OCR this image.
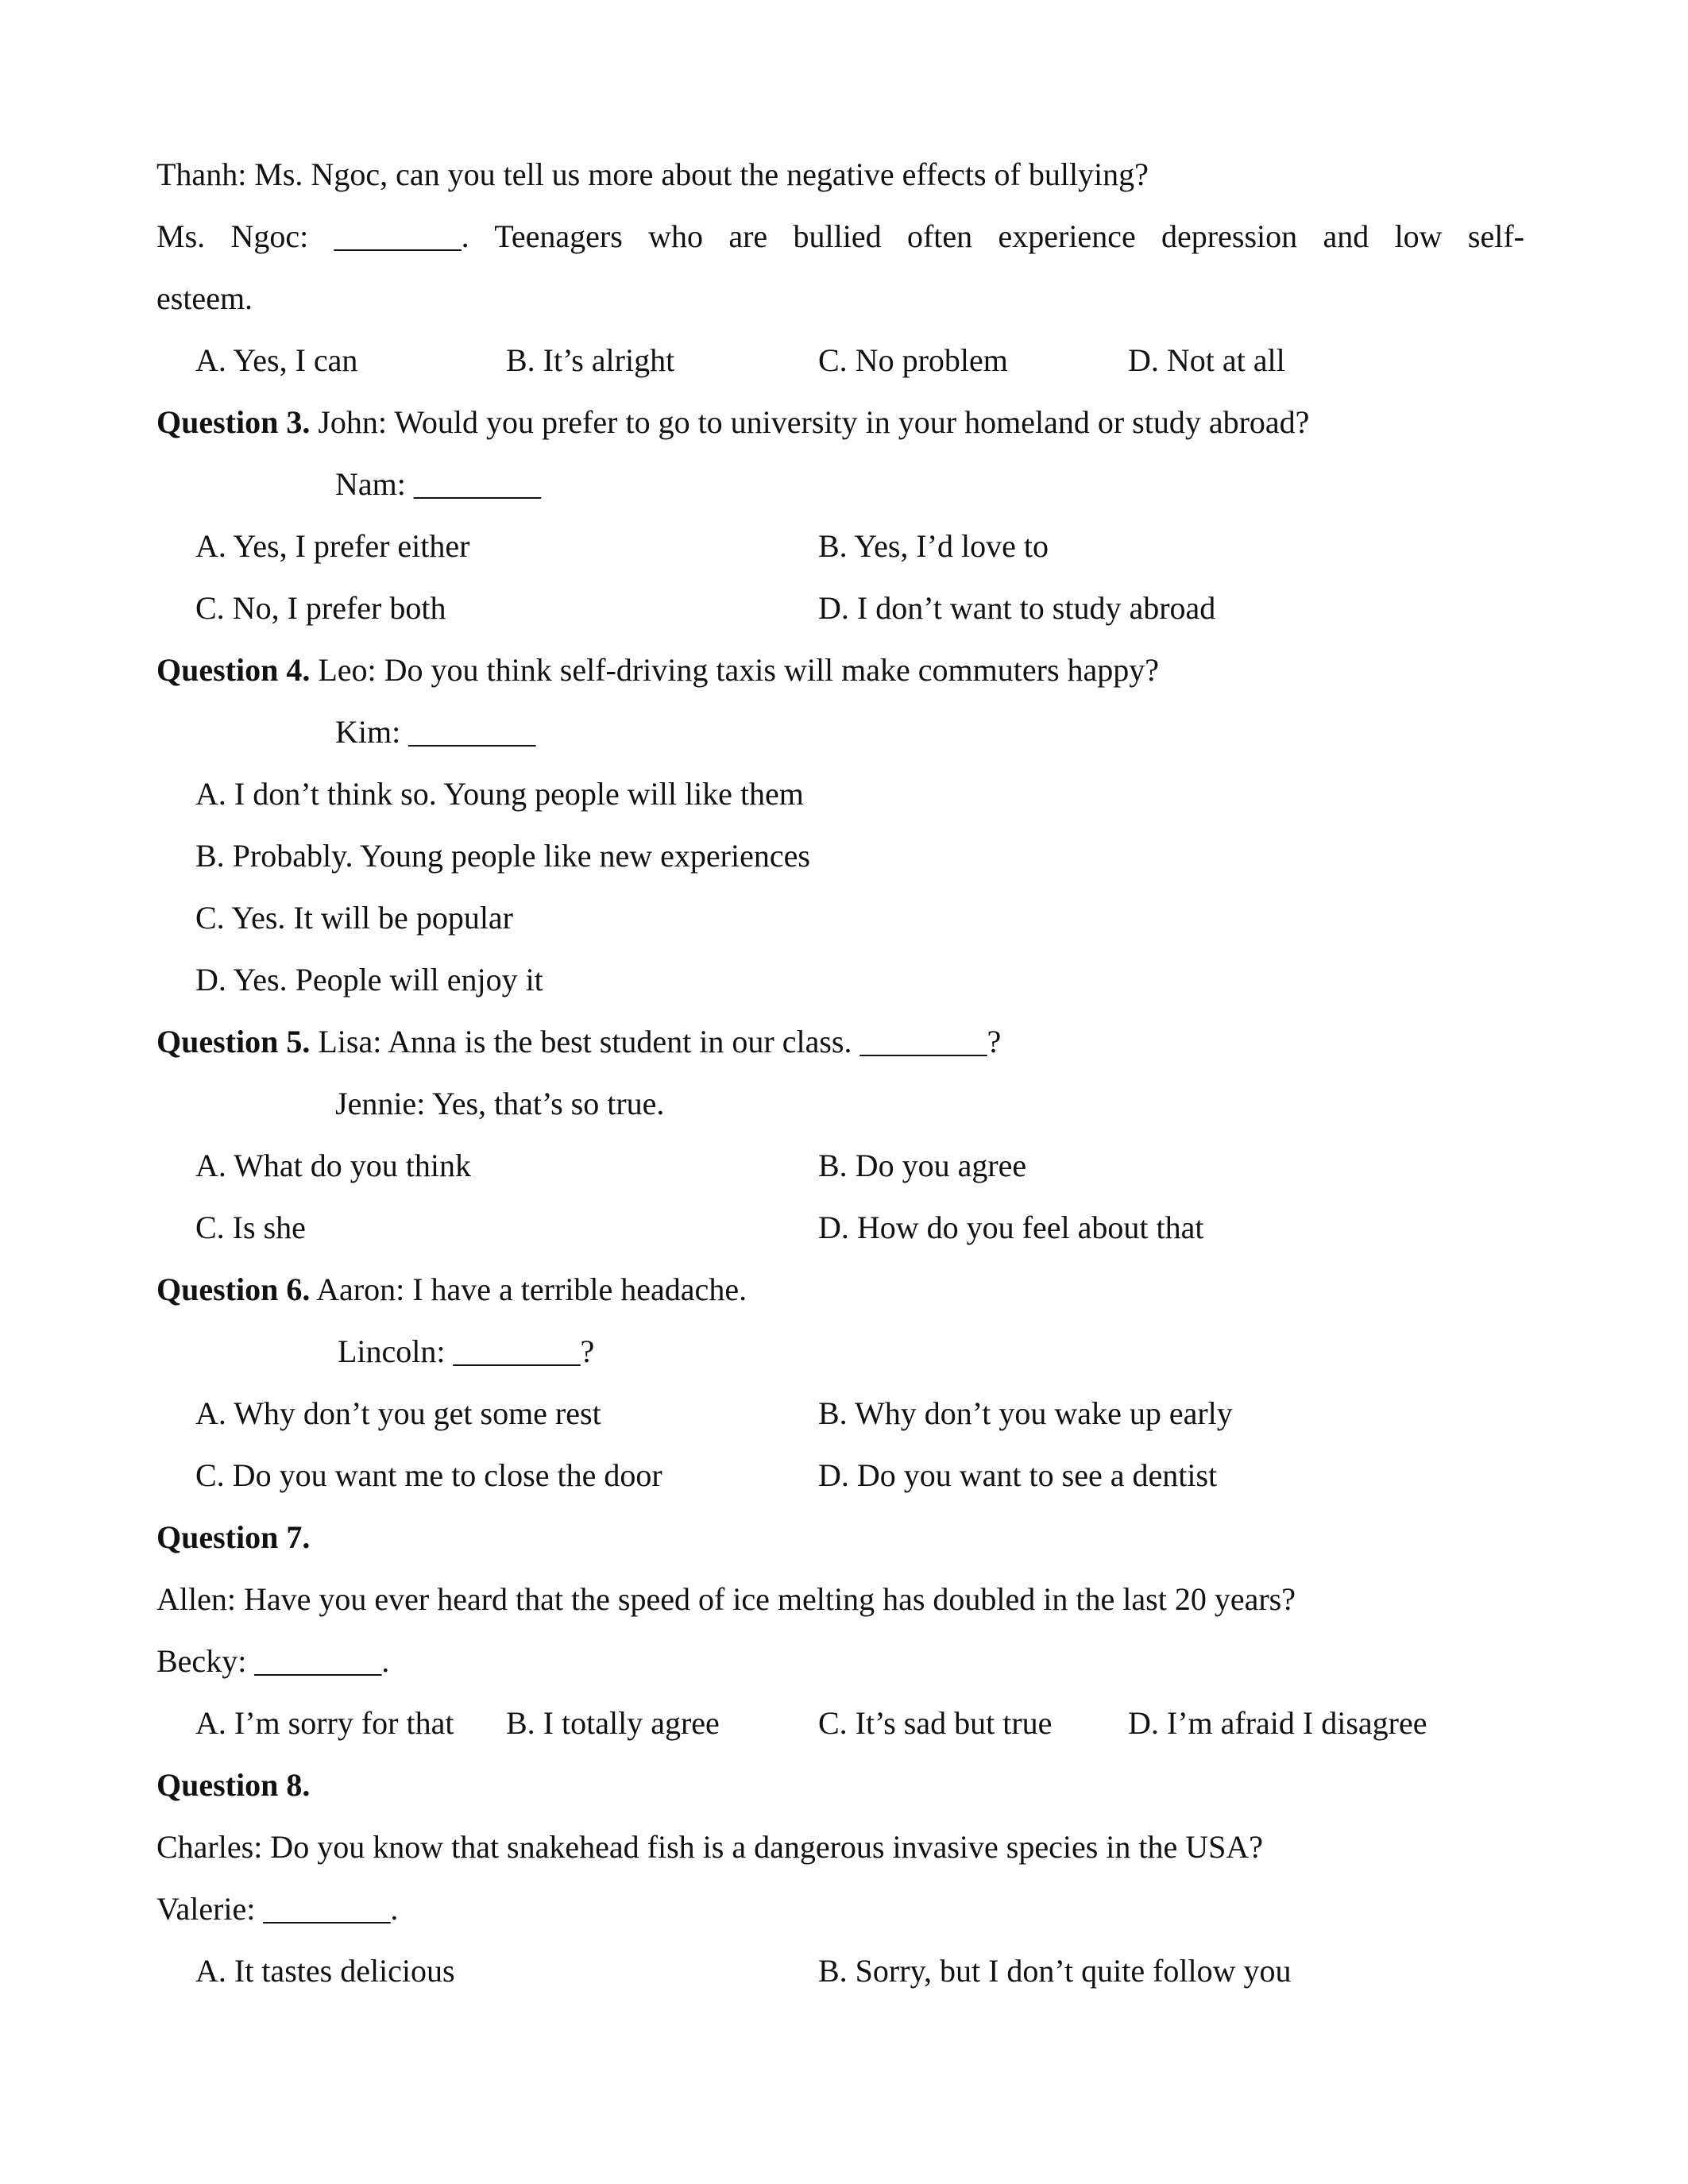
Thanh: Ms. Ngoc, can you tell us more about the negative effects of bullying?
Ms. Ngoc: ________. Teenagers who are bullied often experience depression and low self-
esteem.
A. Yes, I can	B. It’s alright	C. No problem	D. Not at all
Question 3. John: Would you prefer to go to university in your homeland or study abroad?
Nam: ________
A. Yes, I prefer either	B. Yes, I’d love to
C. No, I prefer both	D. I don’t want to study abroad
Question 4. Leo: Do you think self-driving taxis will make commuters happy?
Kim: ________
A. I don’t think so. Young people will like them
B. Probably. Young people like new experiences
C. Yes. It will be popular
D. Yes. People will enjoy it
Question 5. Lisa: Anna is the best student in our class. ________?
Jennie: Yes, that’s so true.
A. What do you think	B. Do you agree
C. Is she	D. How do you feel about that
Question 6. Aaron: I have a terrible headache.
Lincoln: ________?
A. Why don’t you get some rest	B. Why don’t you wake up early
C. Do you want me to close the door	D. Do you want to see a dentist
Question 7.
Allen: Have you ever heard that the speed of ice melting has doubled in the last 20 years?
Becky: ________.
A. I’m sorry for that B. I totally agree	C. It’s sad but true D. I’m afraid I disagree
Question 8.
Charles: Do you know that snakehead fish is a dangerous invasive species in the USA?
Valerie: ________.
A. It tastes delicious	B. Sorry, but I don’t quite follow you
